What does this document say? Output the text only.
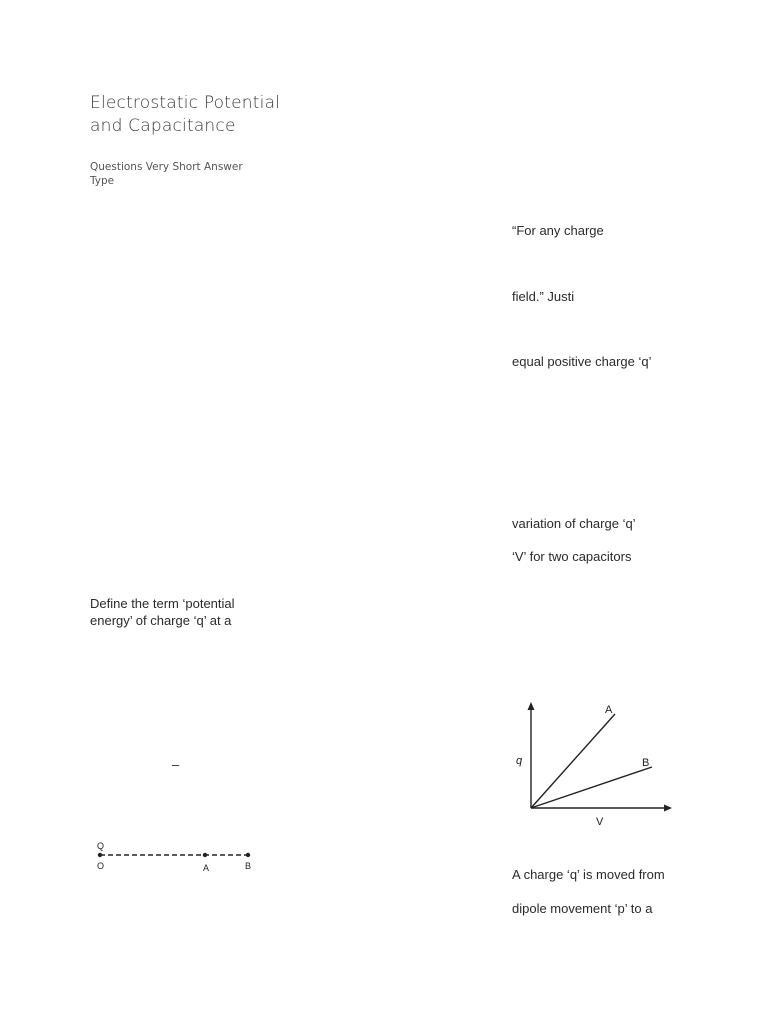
Electrostatic Potential and Capacitance
Questions Very Short Answer Type
“For any charge
field.” Justi
equal positive charge ‘q’
variation of charge ‘q’
‘V’ for two capacitors
Define the term ‘potential energy’ of charge ‘q’ at a
–
Q
O	A	B
q
V
A
B
A charge ‘q’ is moved from
dipole movement ‘p’ to a
